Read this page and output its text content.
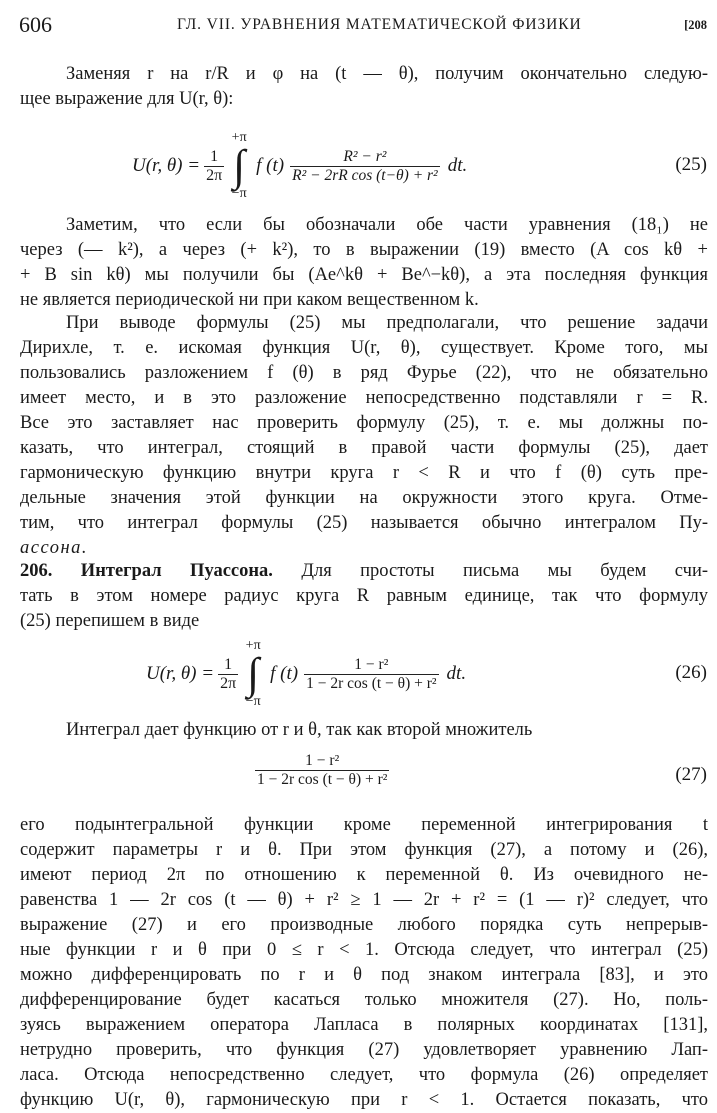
606	ГЛ. VII. УРАВНЕНИЯ МАТЕМАТИЧЕСКОЙ ФИЗИКИ	[208
Заменяя r на r/R и φ на (t — θ), получим окончательно следую-
щее выражение для U(r, θ):
U(r, $\theta) = \frac{1}{2\pi}$
+π
∫
−π
f $(t) \frac{\text{R² − r²}}{\text{R² − 2rR cos (t−θ) + r²}}$ dt.	(25)
Заметим, что если бы обозначали обе части уравнения (18₁) не
через (— k²), а через (+ k²), то в выражении (19) вместо (A cos kθ +
+ B sin kθ) мы получили бы (Ae^kθ + Be^−kθ), а эта последняя функция
не является периодической ни при каком вещественном k.
При выводе формулы (25) мы предполагали, что решение задачи
Дирихле, т. е. искомая функция U(r, θ), существует. Кроме того, мы
пользовались разложением f (θ) в ряд Фурье (22), что не обязательно
имеет место, и в это разложение непосредственно подставляли r = R.
Все это заставляет нас проверить формулу (25), т. е. мы должны по-
казать, что интеграл, стоящий в правой части формулы (25), дает
гармоническую функцию внутри круга r < R и что f (θ) суть пре-
дельные значения этой функции на окружности этого круга. Отме-
тим, что интеграл формулы (25) называется обычно интегралом Пу-
ассона.
206. Интеграл Пуассона. Для простоты письма мы будем счи-
тать в этом номере радиус круга R равным единице, так что формулу
(25) перепишем в виде
U(r, $\theta) = \frac{1}{2\pi}$
+π
∫
−π
f $(t) \frac{\text{1 − r²}}{\text{1 − 2r cos (t − θ) + r²}}$ dt.	(26)
Интеграл дает функцию от r и θ, так как второй множитель
$\frac{\text{1 − r²}}{\text{1 − 2r cos (t − θ) + r²}}$	(27)
его подынтегральной функции кроме переменной интегрирования t
содержит параметры r и θ. При этом функция (27), а потому и (26),
имеют период 2π по отношению к переменной θ. Из очевидного не-
равенства 1 — 2r cos (t — θ) + r² ≥ 1 — 2r + r² = (1 — r)² следует, что
выражение (27) и его производные любого порядка суть непрерыв-
ные функции r и θ при 0 ≤ r < 1. Отсюда следует, что интеграл (25)
можно дифференцировать по r и θ под знаком интеграла [83], и это
дифференцирование будет касаться только множителя (27). Но, поль-
зуясь выражением оператора Лапласа в полярных координатах [131],
нетрудно проверить, что функция (27) удовлетворяет уравнению Лап-
ласа. Отсюда непосредственно следует, что формула (26) определяет
функцию U(r, θ), гармоническую при r < 1. Остается показать, что
